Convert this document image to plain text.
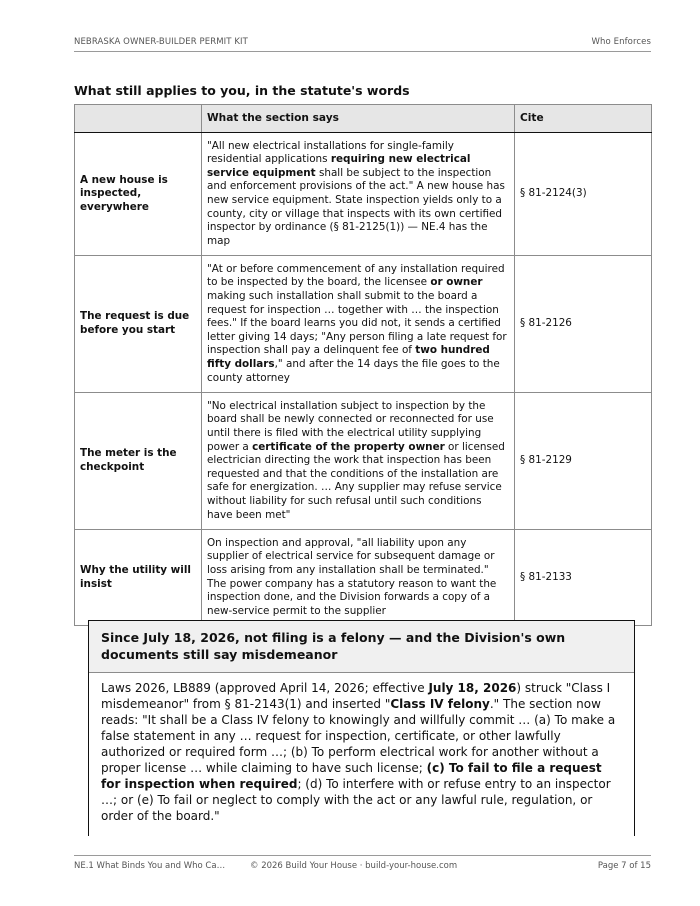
NEBRASKA OWNER-BUILDER PERMIT KIT	Who Enforces
What still applies to you, in the statute's words
	What the section says	Cite
A new house is inspected, everywhere	"All new electrical installations for single-family residential applications requiring new electrical service equipment shall be subject to the inspection and enforcement provisions of the act." A new house has new service equipment. State inspection yields only to a county, city or village that inspects with its own certified inspector by ordinance (§ 81-2125(1)) — NE.4 has the map	§ 81-2124(3)
The request is due before you start	"At or before commencement of any installation required to be inspected by the board, the licensee or owner making such installation shall submit to the board a request for inspection … together with … the inspection fees." If the board learns you did not, it sends a certified letter giving 14 days; "Any person filing a late request for inspection shall pay a delinquent fee of two hundred fifty dollars," and after the 14 days the file goes to the county attorney	§ 81-2126
The meter is the checkpoint	"No electrical installation subject to inspection by the board shall be newly connected or reconnected for use until there is filed with the electrical utility supplying power a certificate of the property owner or licensed electrician directing the work that inspection has been requested and that the conditions of the installation are safe for energization. … Any supplier may refuse service without liability for such refusal until such conditions have been met"	§ 81-2129
Why the utility will insist	On inspection and approval, "all liability upon any supplier of electrical service for subsequent damage or loss arising from any installation shall be terminated." The power company has a statutory reason to want the inspection done, and the Division forwards a copy of a new-service permit to the supplier	§ 81-2133
Since July 18, 2026, not filing is a felony — and the Division's own documents still say misdemeanor
Laws 2026, LB889 (approved April 14, 2026; effective July 18, 2026) struck "Class I misdemeanor" from § 81-2143(1) and inserted "Class IV felony." The section now reads: "It shall be a Class IV felony to knowingly and willfully commit … (a) To make a false statement in any … request for inspection, certificate, or other lawfully authorized or required form …; (b) To perform electrical work for another without a proper license … while claiming to have such license; (c) To fail to file a request for inspection when required; (d) To interfere with or refuse entry to an inspector …; or (e) To fail or neglect to comply with the act or any lawful rule, regulation, or order of the board."
NE.1 What Binds You and Who Ca…	© 2026 Build Your House · build-your-house.com	Page 7 of 15
